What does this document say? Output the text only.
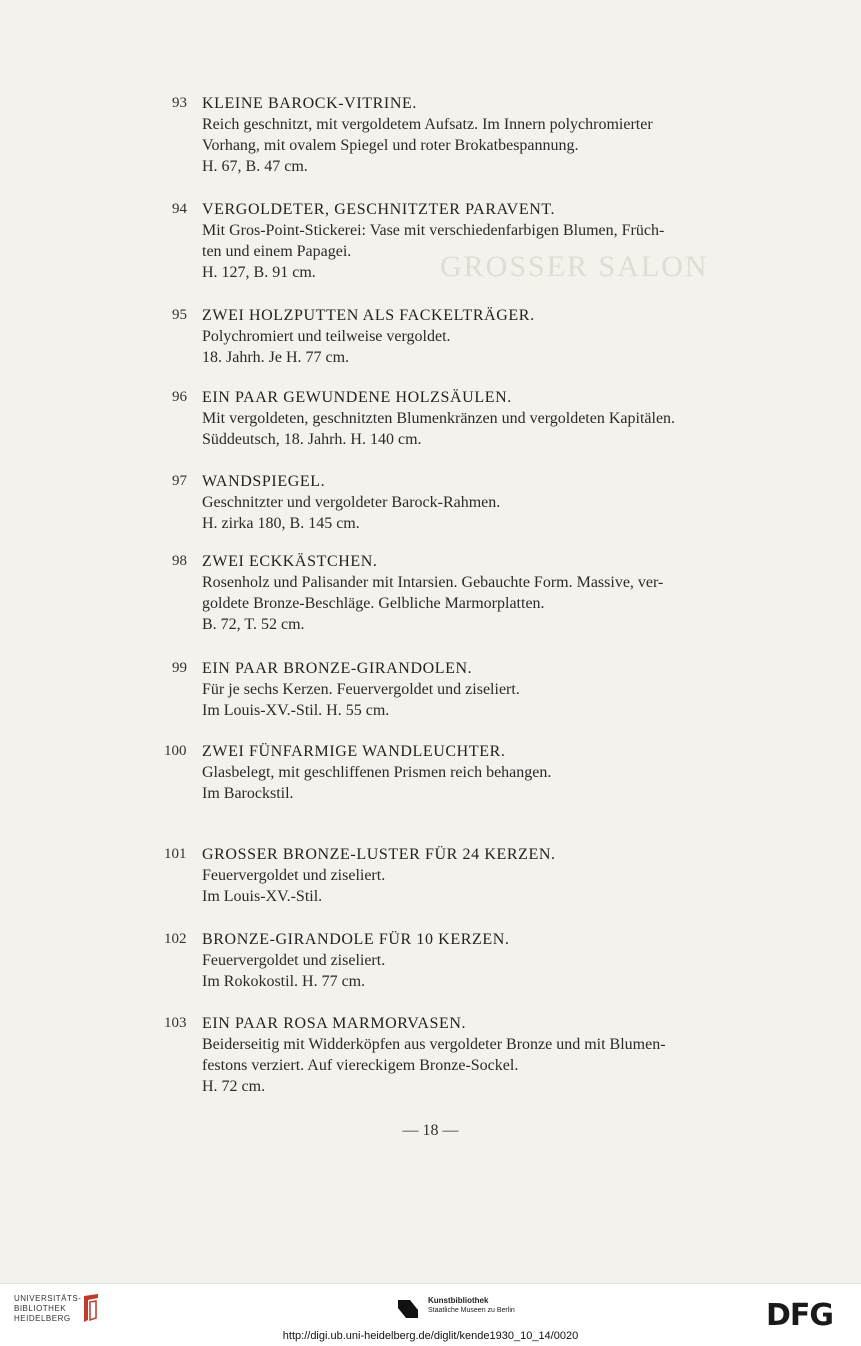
GROSSER SALON
93 KLEINE BAROCK-VITRINE.
Reich geschnitzt, mit vergoldetem Aufsatz. Im Innern polychromierter
Vorhang, mit ovalem Spiegel und roter Brokatbespannung.
H. 67, B. 47 cm.
94 VERGOLDETER, GESCHNITZTER PARAVENT.
Mit Gros-Point-Stickerei: Vase mit verschiedenfarbigen Blumen, Früch-
ten und einem Papagei.
H. 127, B. 91 cm.
95 ZWEI HOLZPUTTEN ALS FACKELTRÄGER.
Polychromiert und teilweise vergoldet.
18. Jahrh. Je H. 77 cm.
96 EIN PAAR GEWUNDENE HOLZSÄULEN.
Mit vergoldeten, geschnitzten Blumenkränzen und vergoldeten Kapitälen.
Süddeutsch, 18. Jahrh. H. 140 cm.
97 WANDSPIEGEL.
Geschnitzter und vergoldeter Barock-Rahmen.
H. zirka 180, B. 145 cm.
98 ZWEI ECKKÄSTCHEN.
Rosenholz und Palisander mit Intarsien. Gebauchte Form. Massive, ver-
goldete Bronze-Beschläge. Gelbliche Marmorplatten.
B. 72, T. 52 cm.
99 EIN PAAR BRONZE-GIRANDOLEN.
Für je sechs Kerzen. Feuervergoldet und ziseliert.
Im Louis-XV.-Stil. H. 55 cm.
100 ZWEI FÜNFARMIGE WANDLEUCHTER.
Glasbelegt, mit geschliffenen Prismen reich behangen.
Im Barockstil.
101 GROSSER BRONZE-LUSTER FÜR 24 KERZEN.
Feuervergoldet und ziseliert.
Im Louis-XV.-Stil.
102 BRONZE-GIRANDOLE FÜR 10 KERZEN.
Feuervergoldet und ziseliert.
Im Rokokostil. H. 77 cm.
103 EIN PAAR ROSA MARMORVASEN.
Beiderseitig mit Widderköpfen aus vergoldeter Bronze und mit Blumen-
festons verziert. Auf viereckigem Bronze-Sockel.
H. 72 cm.
— 18 —
UNIVERSITÄTS-
BIBLIOTHEK
HEIDELBERG
Kunstbibliothek
Staatliche Museen zu Berlin	DFG
http://digi.ub.uni-heidelberg.de/diglit/kende1930_10_14/0020
